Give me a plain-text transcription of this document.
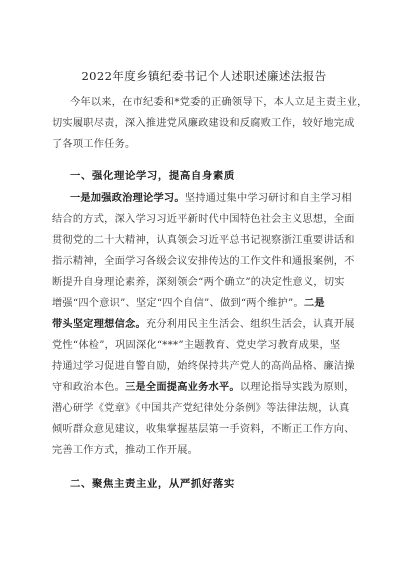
2022年度乡镇纪委书记个人述职述廉述法报告
今年以来，在市纪委和*党委的正确领导下，本人立足主责主业，
切实履职尽责，深入推进党风廉政建设和反腐败工作，较好地完成
了各项工作任务。
一、强化理论学习，提高自身素质
一是加强政治理论学习。坚持通过集中学习研讨和自主学习相
结合的方式，深入学习习近平新时代中国特色社会主义思想，全面
贯彻党的二十大精神，认真领会习近平总书记视察浙江重要讲话和
指示精神，全面学习各级会议安排传达的工作文件和通报案例，不
断提升自身理论素养，深刻领会“两个确立”的决定性意义，切实
增强“四个意识”、坚定“四个自信”、做到“两个维护”。二是
带头坚定理想信念。充分利用民主生活会、组织生活会，认真开展
党性“体检”，巩固深化“***”主题教育、党史学习教育成果，坚
持通过学习促进自警自励，始终保持共产党人的高尚品格、廉洁操
守和政治本色。三是全面提高业务水平。以理论指导实践为原则，
潜心研学《党章》《中国共产党纪律处分条例》等法律法规，认真
倾听群众意见建议，收集掌握基层第一手资料，不断正工作方向、
完善工作方式，推动工作开展。
二、聚焦主责主业，从严抓好落实
